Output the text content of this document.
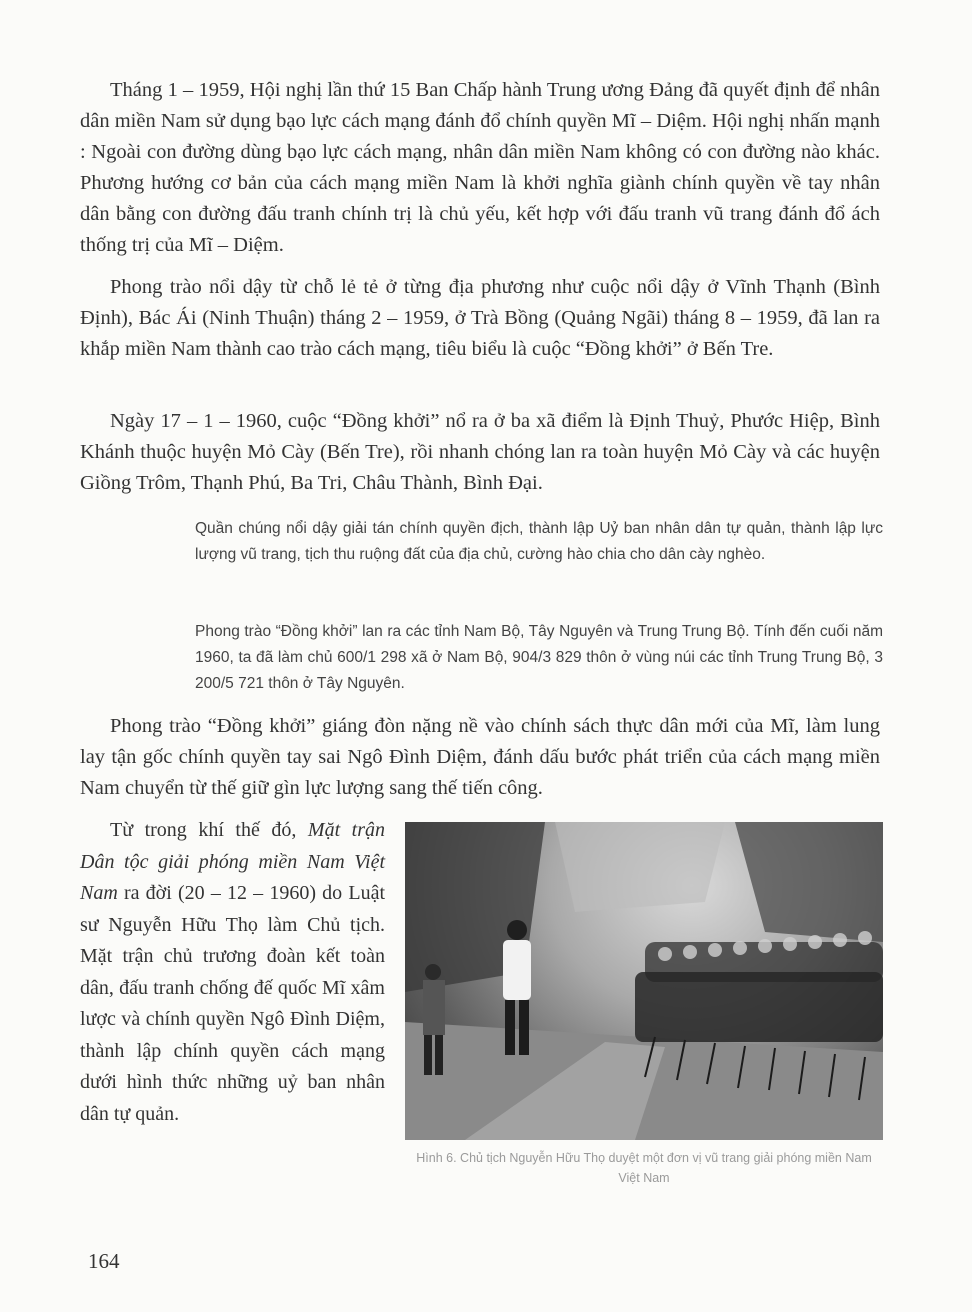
Tháng 1 – 1959, Hội nghị lần thứ 15 Ban Chấp hành Trung ương Đảng đã quyết định để nhân dân miền Nam sử dụng bạo lực cách mạng đánh đổ chính quyền Mĩ – Diệm. Hội nghị nhấn mạnh : Ngoài con đường dùng bạo lực cách mạng, nhân dân miền Nam không có con đường nào khác. Phương hướng cơ bản của cách mạng miền Nam là khởi nghĩa giành chính quyền về tay nhân dân bằng con đường đấu tranh chính trị là chủ yếu, kết hợp với đấu tranh vũ trang đánh đổ ách thống trị của Mĩ – Diệm.

Phong trào nổi dậy từ chỗ lẻ tẻ ở từng địa phương như cuộc nổi dậy ở Vĩnh Thạnh (Bình Định), Bác Ái (Ninh Thuận) tháng 2 – 1959, ở Trà Bồng (Quảng Ngãi) tháng 8 – 1959, đã lan ra khắp miền Nam thành cao trào cách mạng, tiêu biểu là cuộc “Đồng khởi” ở Bến Tre.

Ngày 17 – 1 – 1960, cuộc “Đồng khởi” nổ ra ở ba xã điểm là Định Thuỷ, Phước Hiệp, Bình Khánh thuộc huyện Mỏ Cày (Bến Tre), rồi nhanh chóng lan ra toàn huyện Mỏ Cày và các huyện Giồng Trôm, Thạnh Phú, Ba Tri, Châu Thành, Bình Đại.

Quần chúng nổi dậy giải tán chính quyền địch, thành lập Uỷ ban nhân dân tự quản, thành lập lực lượng vũ trang, tịch thu ruộng đất của địa chủ, cường hào chia cho dân cày nghèo.

Phong trào “Đồng khởi” lan ra các tỉnh Nam Bộ, Tây Nguyên và Trung Trung Bộ. Tính đến cuối năm 1960, ta đã làm chủ 600/1 298 xã ở Nam Bộ, 904/3 829 thôn ở vùng núi các tỉnh Trung Trung Bộ, 3 200/5 721 thôn ở Tây Nguyên.

Phong trào “Đồng khởi” giáng đòn nặng nề vào chính sách thực dân mới của Mĩ, làm lung lay tận gốc chính quyền tay sai Ngô Đình Diệm, đánh dấu bước phát triển của cách mạng miền Nam chuyển từ thế giữ gìn lực lượng sang thế tiến công.

Từ trong khí thế đó, Mặt trận Dân tộc giải phóng miền Nam Việt Nam ra đời (20 – 12 – 1960) do Luật sư Nguyễn Hữu Thọ làm Chủ tịch. Mặt trận chủ trương đoàn kết toàn dân, đấu tranh chống đế quốc Mĩ xâm lược và chính quyền Ngô Đình Diệm, thành lập chính quyền cách mạng dưới hình thức những uỷ ban nhân dân tự quản.

Hình 6. Chủ tịch Nguyễn Hữu Thọ duyệt một đơn vị vũ trang giải phóng miền Nam Việt Nam
164
